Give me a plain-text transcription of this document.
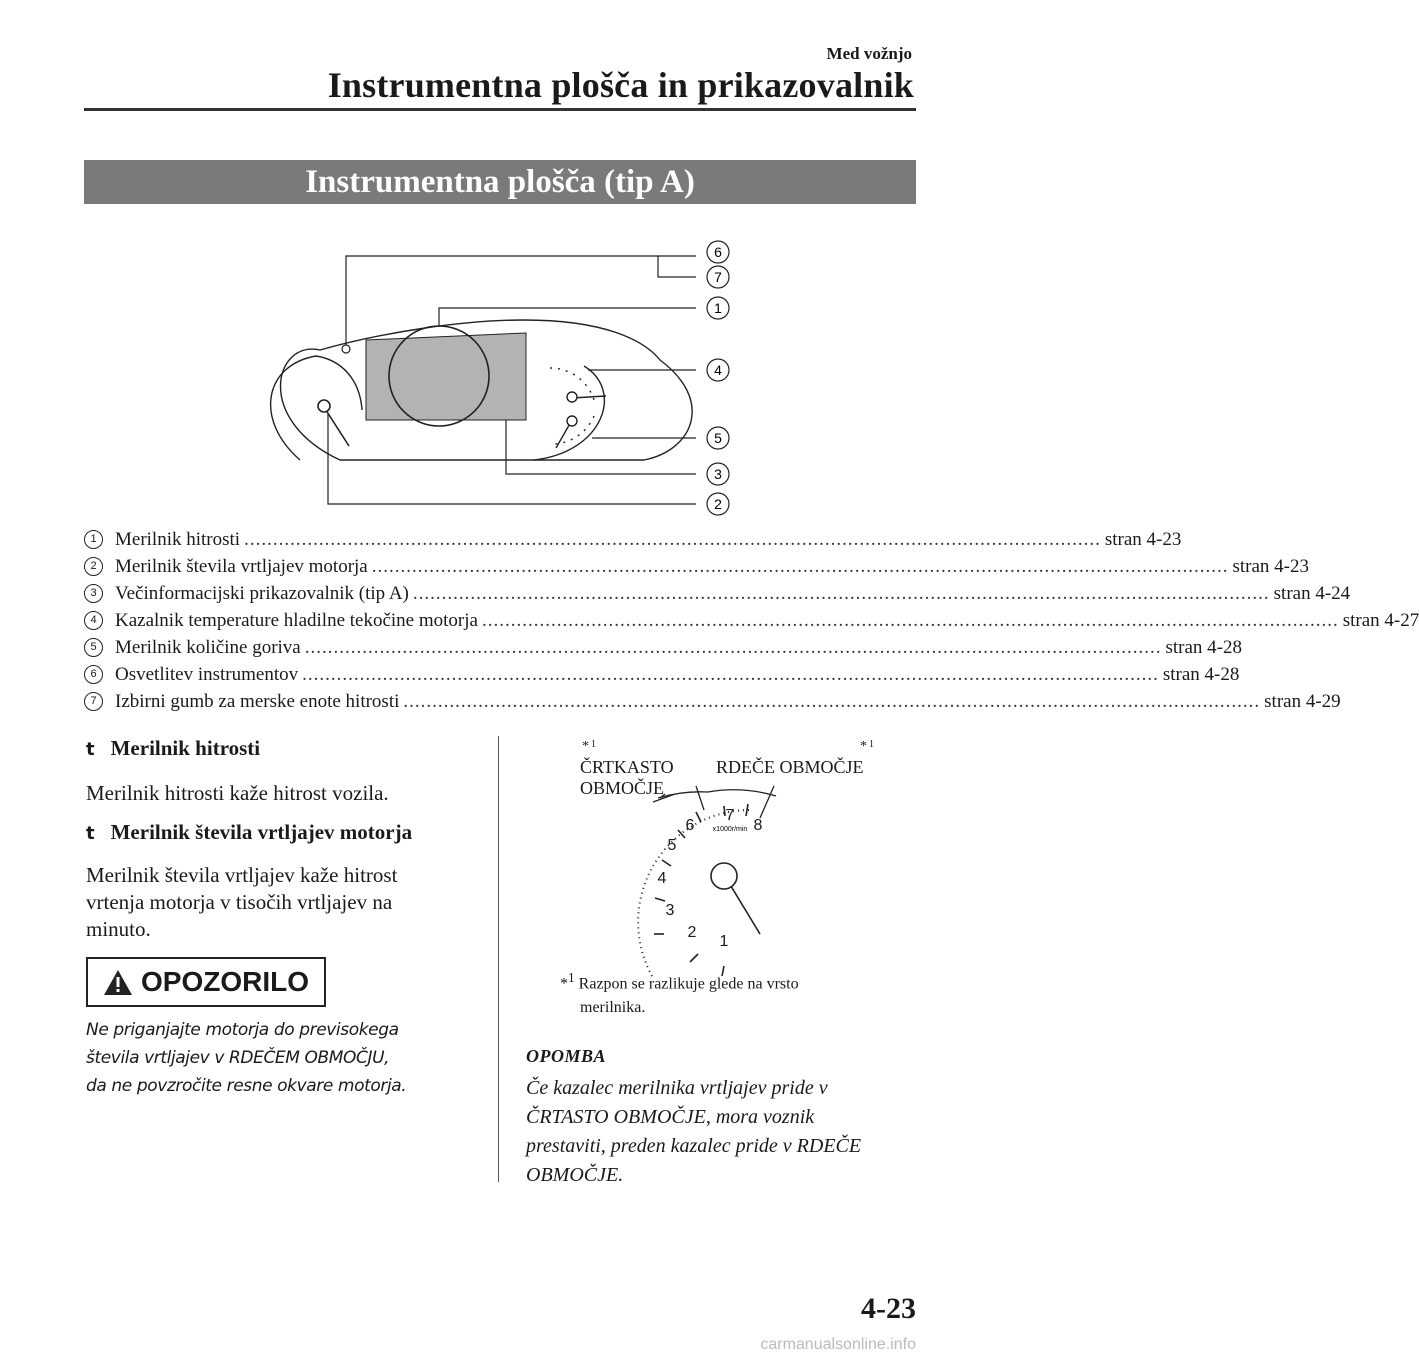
Med vožnjo
Instrumentna plošča in prikazovalnik
Instrumentna plošča (tip A)
6
7
1
4
5
3
2
1 Merilnik hitrosti ..................................................................................................................................................... stran 4-23
2 Merilnik števila vrtljajev motorja ..................................................................................................................................................... stran 4-23
3 Večinformacijski prikazovalnik (tip A) ..................................................................................................................................................... stran 4-24
4 Kazalnik temperature hladilne tekočine motorja ..................................................................................................................................................... stran 4-27
5 Merilnik količine goriva ..................................................................................................................................................... stran 4-28
6 Osvetlitev instrumentov ..................................................................................................................................................... stran 4-28
7 Izbirni gumb za merske enote hitrosti ..................................................................................................................................................... stran 4-29
t Merilnik hitrosti
Merilnik hitrosti kaže hitrost vozila.
t Merilnik števila vrtljajev motorja
Merilnik števila vrtljajev kaže hitrost
vrtenja motorja v tisočih vrtljajev na
minuto.
OPOZORILO
Ne priganjajte motorja do previsokega
števila vrtljajev v RDEČEM OBMOČJU,
da ne povzročite resne okvare motorja.
* 1	* 1
ČRTKASTO
OBMOČJE
RDEČE OBMOČJE
1
2
3
4
5
6
7
8
x1000r/min
*$^1$ Razpon se razlikuje glede na vrsto
merilnika.
OPOMBA
Če kazalec merilnika vrtljajev pride v
ČRTASTO OBMOČJE, mora voznik
prestaviti, preden kazalec pride v RDEČE
OBMOČJE.
4-23
carmanualsonline.info
